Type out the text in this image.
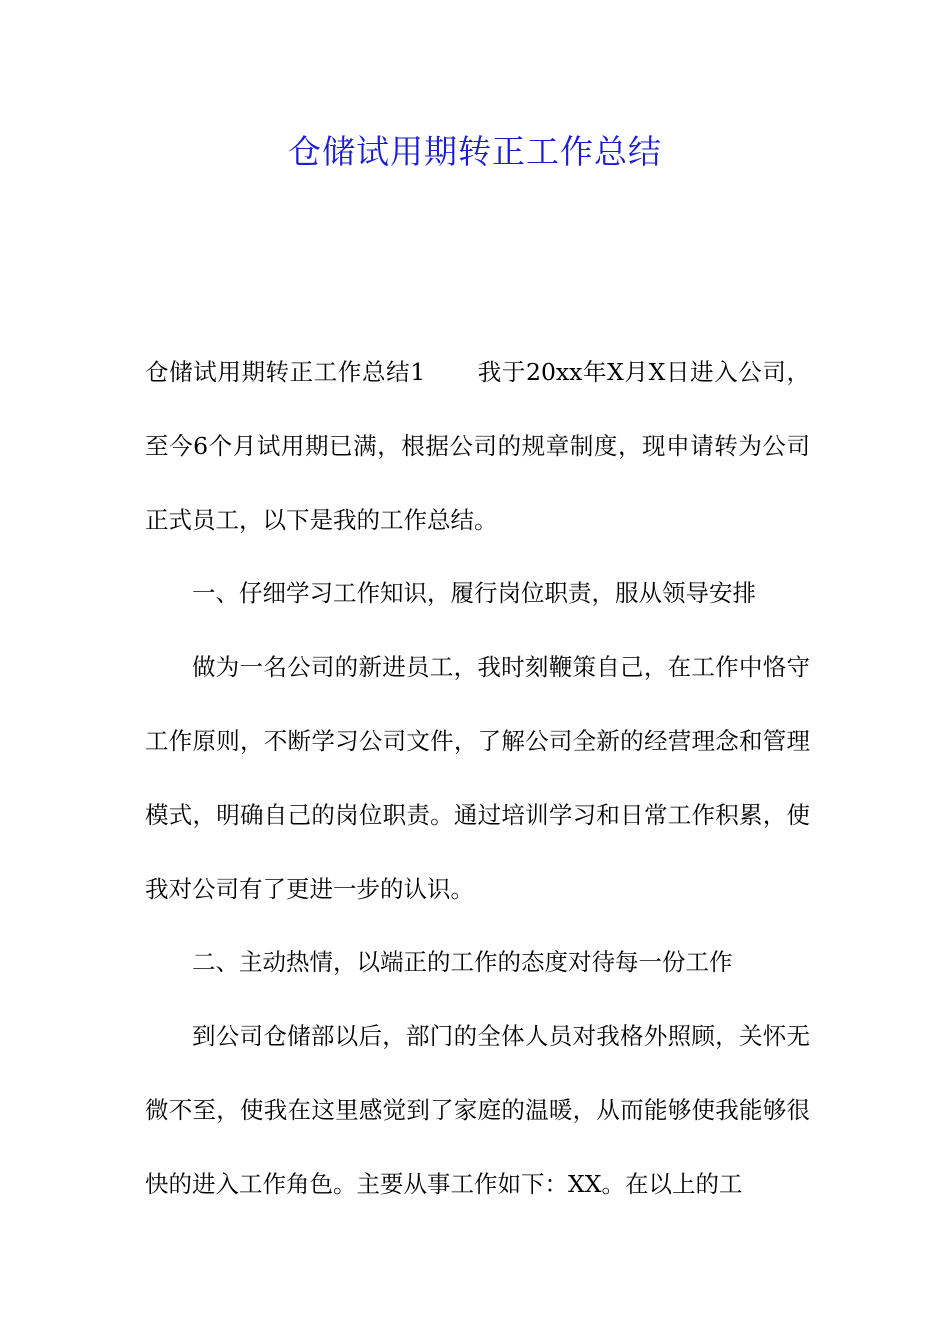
仓储试用期转正工作总结

仓储试用期转正工作总结1 我于20xx年X月X日进入公司，至今6个月试用期已满，根据公司的规章制度，现申请转为公司正式员工，以下是我的工作总结。

一、仔细学习工作知识，履行岗位职责，服从领导安排

做为一名公司的新进员工，我时刻鞭策自己，在工作中恪守工作原则，不断学习公司文件，了解公司全新的经营理念和管理模式，明确自己的岗位职责。通过培训学习和日常工作积累，使我对公司有了更进一步的认识。

二、主动热情，以端正的工作的态度对待每一份工作

到公司仓储部以后，部门的全体人员对我格外照顾，关怀无微不至，使我在这里感觉到了家庭的温暖，从而能够使我能够很快的进入工作角色。主要从事工作如下：XX。在以上的工
